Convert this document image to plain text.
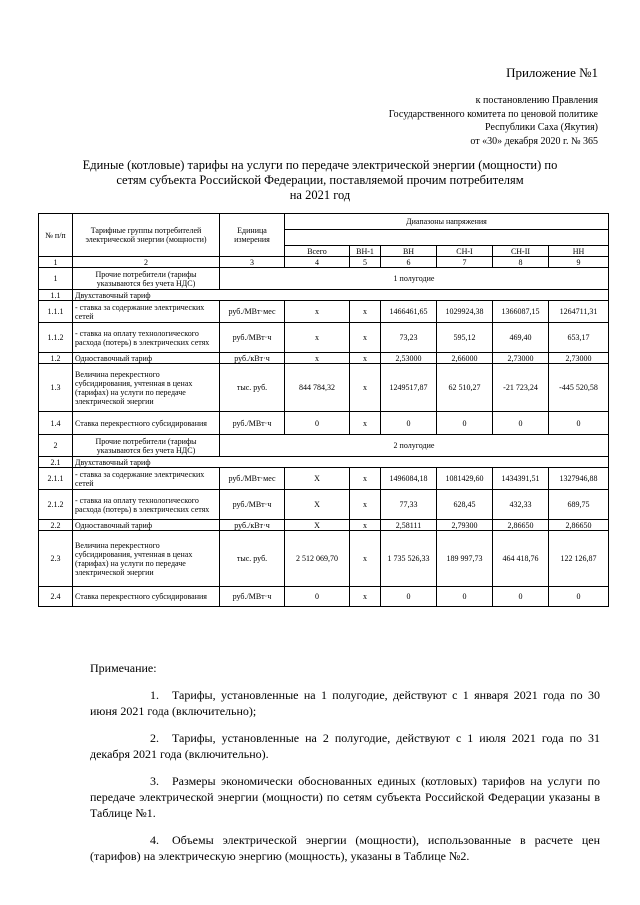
Приложение №1
к постановлению Правления
Государственного комитета по ценовой политике
Республики Саха (Якутия)
от «30» декабря 2020 г. № 365
Единые (котловые) тарифы на услуги по передаче электрической энергии (мощности) по
сетям субъекта Российской Федерации, поставляемой прочим потребителям
на 2021 год
№ п/п	Тарифные группы потребителей электрической энергии (мощности)	Единица измерения	Диапазоны напряжения					

			Всего	ВН-1	ВН	СН-I	СН-II	НН
1	2	3	4	5	6	7	8	9
1	Прочие потребители (тарифы указываются без учета НДС)	1 полугодие						
1.1	Двухставочный тариф							
1.1.1	- ставка за содержание электрических сетей	руб./МВт·мес	х	х	1466461,65	1029924,38	1366087,15	1264711,31
1.1.2	- ставка на оплату технологического расхода (потерь) в электрических сетях	руб./МВт·ч	х	х	73,23	595,12	469,40	653,17
1.2	Одноставочный тариф	руб./кВт·ч	х	х	2,53000	2,66000	2,73000	2,73000
1.3	Величина перекрестного субсидирования, учтенная в ценах (тарифах) на услуги по передаче электрической энергии	тыс. руб.	844 784,32	х	1249517,87	62 510,27	-21 723,24	-445 520,58
1.4	Ставка перекрестного субсидирования	руб./МВт·ч	0	х	0	0	0	0
2	Прочие потребители (тарифы указываются без учета НДС)	2 полугодие						
2.1	Двухставочный тариф							
2.1.1	- ставка за содержание электрических сетей	руб./МВт·мес	Х	х	1496084,18	1081429,60	1434391,51	1327946,88
2.1.2	- ставка на оплату технологического расхода (потерь) в электрических сетях	руб./МВт·ч	Х	х	77,33	628,45	432,33	689,75
2.2	Одноставочный тариф	руб./кВт·ч	Х	х	2,58111	2,79300	2,86650	2,86650
2.3	Величина перекрестного субсидирования, учтенная в ценах (тарифах) на услуги по передаче электрической энергии	тыс. руб.	2 512 069,70	х	1 735 526,33	189 997,73	464 418,76	122 126,87
2.4	Ставка перекрестного субсидирования	руб./МВт·ч	0	х	0	0	0	0

Примечание:

1. Тарифы, установленные на 1 полугодие, действуют с 1 января 2021 года по 30 июня 2021 года (включительно);

2. Тарифы, установленные на 2 полугодие, действуют с 1 июля 2021 года по 31 декабря 2021 года (включительно).

3. Размеры экономически обоснованных единых (котловых) тарифов на услуги по передаче электрической энергии (мощности) по сетям субъекта Российской Федерации указаны в Таблице №1.

4. Объемы электрической энергии (мощности), использованные в расчете цен (тарифов) на электрическую энергию (мощность), указаны в Таблице №2.
